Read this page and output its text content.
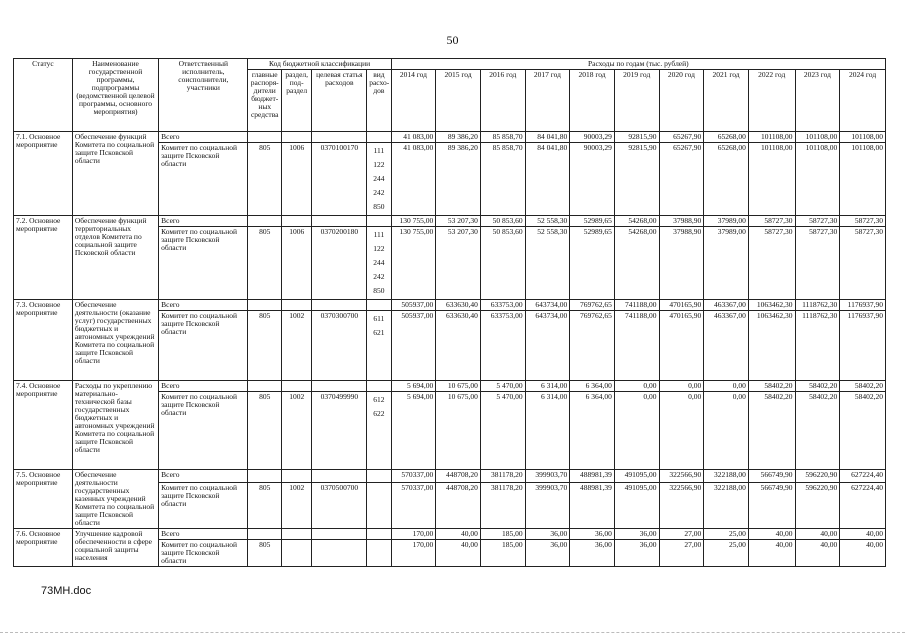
50
Статус	Наименование государственной программы, подпрограммы (ведомственной целевой программы, основного мероприятия)	Ответственный исполнитель, соисполнители, участники	Код бюджетной классификации				Расходы по годам (тыс. рублей)										
			главные распоря-дители бюджет-ных средства	раздел, под-раздел	целевая статья расходов	вид расхо-дов	2014 год	2015 год	2016 год	2017 год	2018 год	2019 год	2020 год	2021 год	2022 год	2023 год	2024 год
7.1. Основное мероприятие	Обеспечение функций Комитета по социальной защите Псковской области	Всего					41 083,00	89 386,20	85 858,70	84 041,80	90003,29	92815,90	65267,90	65268,00	101108,00	101108,00	101108,00
		Комитет по социальной защите Псковской области	805	1006	0370100170	111
122
244
242
850	41 083,00	89 386,20	85 858,70	84 041,80	90003,29	92815,90	65267,90	65268,00	101108,00	101108,00	101108,00
7.2. Основное мероприятие	Обеспечение функций территориальных отделов Комитета по социальной защите Псковской области	Всего					130 755,00	53 207,30	50 853,60	52 558,30	52989,65	54268,00	37988,90	37989,00	58727,30	58727,30	58727,30
		Комитет по социальной защите Псковской области	805	1006	0370200180	111
122
244
242
850	130 755,00	53 207,30	50 853,60	52 558,30	52989,65	54268,00	37988,90	37989,00	58727,30	58727,30	58727,30
7.3. Основное мероприятие	Обеспечение деятельности (оказание услуг) государственных бюджетных и автономных учреждений Комитета по социальной защите Псковской области	Всего					505937,00	633630,40	633753,00	643734,00	769762,65	741188,00	470165,90	463367,00	1063462,30	1118762,30	1176937,90
		Комитет по социальной защите Псковской области	805	1002	0370300700	611
621	505937,00	633630,40	633753,00	643734,00	769762,65	741188,00	470165,90	463367,00	1063462,30	1118762,30	1176937,90
7.4. Основное мероприятие	Расходы по укреплению материально-технической базы государственных бюджетных и автономных учреждений Комитета по социальной защите Псковской области	Всего					5 694,00	10 675,00	5 470,00	6 314,00	6 364,00	0,00	0,00	0,00	58402,20	58402,20	58402,20
		Комитет по социальной защите Псковской области	805	1002	0370499990	612
622	5 694,00	10 675,00	5 470,00	6 314,00	6 364,00	0,00	0,00	0,00	58402,20	58402,20	58402,20
7.5. Основное мероприятие	Обеспечение деятельности государственных казенных учреждений Комитета по социальной защите Псковской области	Всего					570337,00	448708,20	381178,20	399903,70	488981,39	491095,00	322566,90	322188,00	566749,90	596220,90	627224,40
		Комитет по социальной защите Псковской области	805	1002	0370500700		570337,00	448708,20	381178,20	399903,70	488981,39	491095,00	322566,90	322188,00	566749,90	596220,90	627224,40
7.6. Основное мероприятие	Улучшение кадровой обеспеченности в сфере социальной защиты населения	Всего					170,00	40,00	185,00	36,00	36,00	36,00	27,00	25,00	40,00	40,00	40,00
		Комитет по социальной защите Псковской области	805				170,00	40,00	185,00	36,00	36,00	36,00	27,00	25,00	40,00	40,00	40,00
73МН.doc
